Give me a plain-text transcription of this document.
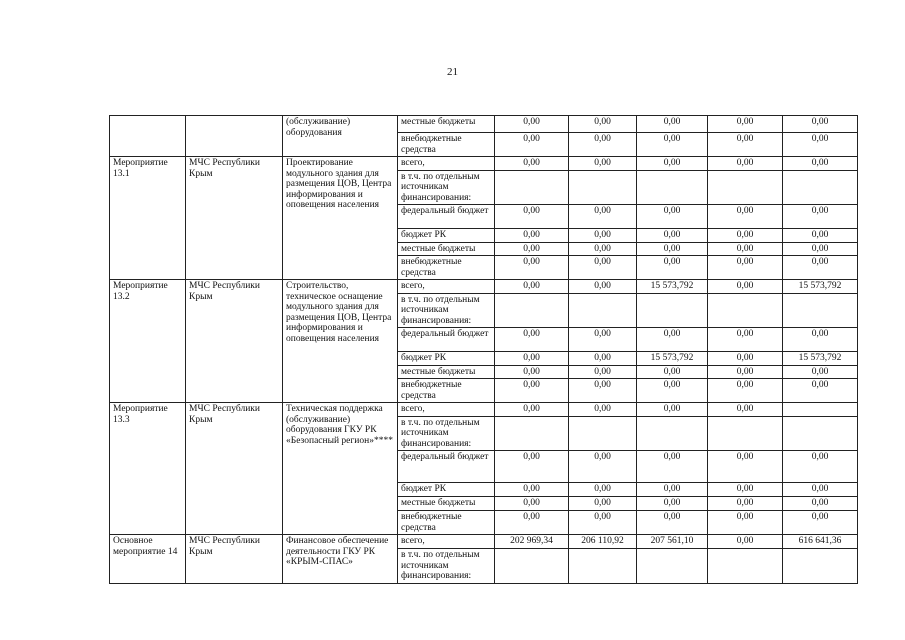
21
		(обслуживание) оборудования	местные бюджеты	0,00	0,00	0,00	0,00	0,00
			внебюджетные средства	0,00	0,00	0,00	0,00	0,00
Мероприятие 13.1	МЧС Республики Крым	Проектирование модульного здания для размещения ЦОВ, Центра информирования и оповещения населения	всего,	0,00	0,00	0,00	0,00	0,00
			в т.ч. по отдельным источникам финансирования:					
			федеральный бюджет	0,00	0,00	0,00	0,00	0,00
			бюджет РК	0,00	0,00	0,00	0,00	0,00
			местные бюджеты	0,00	0,00	0,00	0,00	0,00
			внебюджетные средства	0,00	0,00	0,00	0,00	0,00
Мероприятие 13.2	МЧС Республики Крым	Строительство, техническое оснащение модульного здания для размещения ЦОВ, Центра информирования и оповещения населения	всего,	0,00	0,00	15 573,792	0,00	15 573,792
			в т.ч. по отдельным источникам финансирования:					
			федеральный бюджет	0,00	0,00	0,00	0,00	0,00
			бюджет РК	0,00	0,00	15 573,792	0,00	15 573,792
			местные бюджеты	0,00	0,00	0,00	0,00	0,00
			внебюджетные средства	0,00	0,00	0,00	0,00	0,00
Мероприятие 13.3	МЧС Республики Крым	Техническая поддержка (обслуживание) оборудования ГКУ РК «Безопасный регион»****	всего,	0,00	0,00	0,00	0,00	
			в т.ч. по отдельным источникам финансирования:					
			федеральный бюджет	0,00	0,00	0,00	0,00	0,00
			бюджет РК	0,00	0,00	0,00	0,00	0,00
			местные бюджеты	0,00	0,00	0,00	0,00	0,00
			внебюджетные средства	0,00	0,00	0,00	0,00	0,00
Основное мероприятие 14	МЧС Республики Крым	Финансовое обеспечение деятельности ГКУ РК «КРЫМ-СПАС»	всего,	202 969,34	206 110,92	207 561,10	0,00	616 641,36
			в т.ч. по отдельным источникам финансирования:					
